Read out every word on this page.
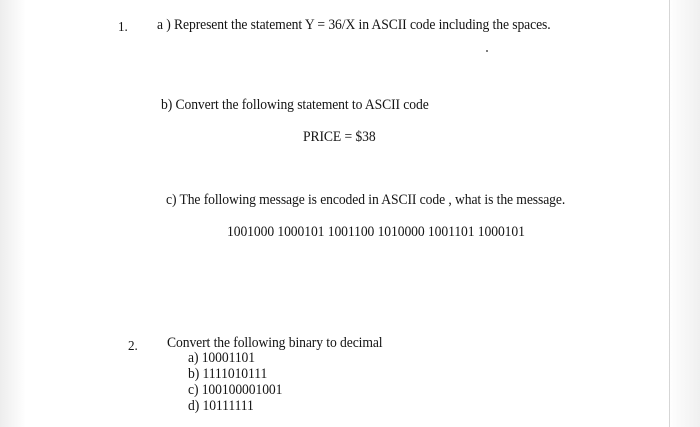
1. a ) Represent the statement Y = 36/X in ASCII code including the spaces.
b) Convert the following statement to ASCII code
PRICE = $38
c) The following message is encoded in ASCII code , what is the message.
1001000 1000101 1001100 1010000 1001101 1000101
2. Convert the following binary to decimal
a) 10001101
b) 1111010111
c) 100100001001
d) 10111111
